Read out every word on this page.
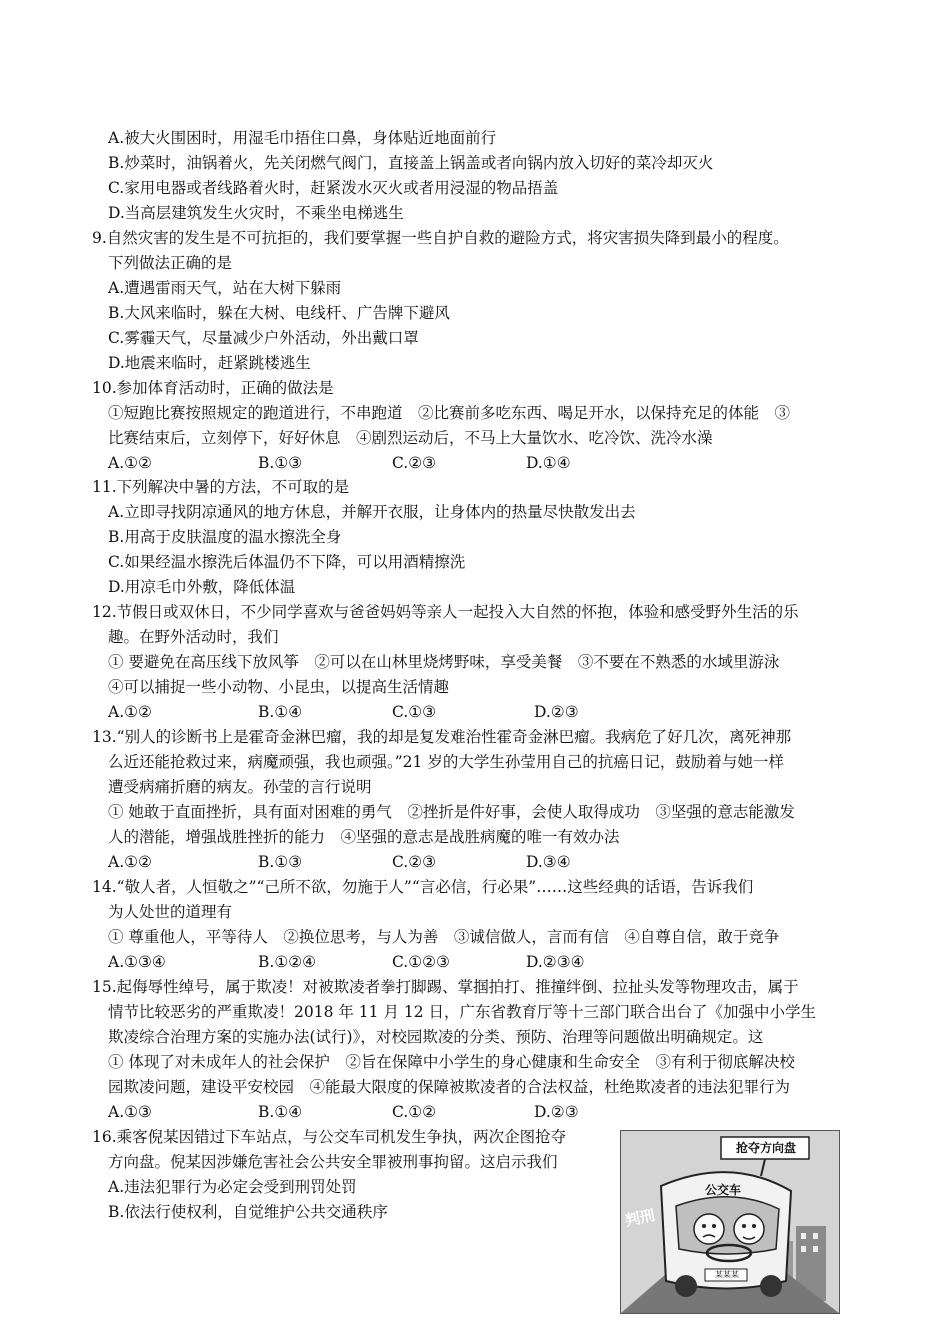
A.被大火围困时，用湿毛巾捂住口鼻，身体贴近地面前行
B.炒菜时，油锅着火，先关闭燃气阀门，直接盖上锅盖或者向锅内放入切好的菜冷却灭火
C.家用电器或者线路着火时，赶紧泼水灭火或者用浸湿的物品捂盖
D.当高层建筑发生火灾时，不乘坐电梯逃生
9.自然灾害的发生是不可抗拒的，我们要掌握一些自护自救的避险方式，将灾害损失降到最小的程度。
下列做法正确的是
A.遭遇雷雨天气，站在大树下躲雨
B.大风来临时，躲在大树、电线杆、广告牌下避风
C.雾霾天气，尽量减少户外活动，外出戴口罩
D.地震来临时，赶紧跳楼逃生
10.参加体育活动时，正确的做法是
①短跑比赛按照规定的跑道进行，不串跑道　②比赛前多吃东西、喝足开水，以保持充足的体能　③
比赛结束后，立刻停下，好好休息　④剧烈运动后，不马上大量饮水、吃冷饮、洗冷水澡
A.①②	B.①③	C.②③	D.①④
11.下列解决中暑的方法，不可取的是
A.立即寻找阴凉通风的地方休息，并解开衣服，让身体内的热量尽快散发出去
B.用高于皮肤温度的温水擦洗全身
C.如果经温水擦洗后体温仍不下降，可以用酒精擦洗
D.用凉毛巾外敷，降低体温
12.节假日或双休日，不少同学喜欢与爸爸妈妈等亲人一起投入大自然的怀抱，体验和感受野外生活的乐
趣。在野外活动时，我们
① 要避免在高压线下放风筝　②可以在山林里烧烤野味，享受美餐　③不要在不熟悉的水域里游泳
④可以捕捉一些小动物、小昆虫，以提高生活情趣
A.①②	B.①④	C.①③	D.②③
13.“别人的诊断书上是霍奇金淋巴瘤，我的却是复发难治性霍奇金淋巴瘤。我病危了好几次，离死神那
么近还能抢救过来，病魔顽强，我也顽强。”21 岁的大学生孙莹用自己的抗癌日记，鼓励着与她一样
遭受病痛折磨的病友。孙莹的言行说明
① 她敢于直面挫折，具有面对困难的勇气　②挫折是件好事，会使人取得成功　③坚强的意志能激发
人的潜能，增强战胜挫折的能力　④坚强的意志是战胜病魔的唯一有效办法
A.①②	B.①③	C.②③	D.③④
14.“敬人者，人恒敬之”“己所不欲，勿施于人”“言必信，行必果”……这些经典的话语，告诉我们
为人处世的道理有
① 尊重他人，平等待人　②换位思考，与人为善　③诚信做人，言而有信　④自尊自信，敢于竞争
A.①③④	B.①②④	C.①②③	D.②③④
15.起侮辱性绰号，属于欺凌！对被欺凌者拳打脚踢、掌掴拍打、推撞绊倒、拉扯头发等物理攻击，属于
情节比较恶劣的严重欺凌！2018 年 11 月 12 日，广东省教育厅等十三部门联合出台了《加强中小学生
欺凌综合治理方案的实施办法(试行)》，对校园欺凌的分类、预防、治理等问题做出明确规定。这
① 体现了对未成年人的社会保护　②旨在保障中小学生的身心健康和生命安全　③有利于彻底解决校
园欺凌问题，建设平安校园　④能最大限度的保障被欺凌者的合法权益，杜绝欺凌者的违法犯罪行为
A.①③	B.①④	C.①②	D.②③
16.乘客倪某因错过下车站点，与公交车司机发生争执，两次企图抢夺
方向盘。倪某因涉嫌危害社会公共安全罪被刑事拘留。这启示我们
A.违法犯罪行为必定会受到刑罚处罚
B.依法行使权利，自觉维护公共交通秩序
抢夺方向盘
公交车
判刑
某某某
